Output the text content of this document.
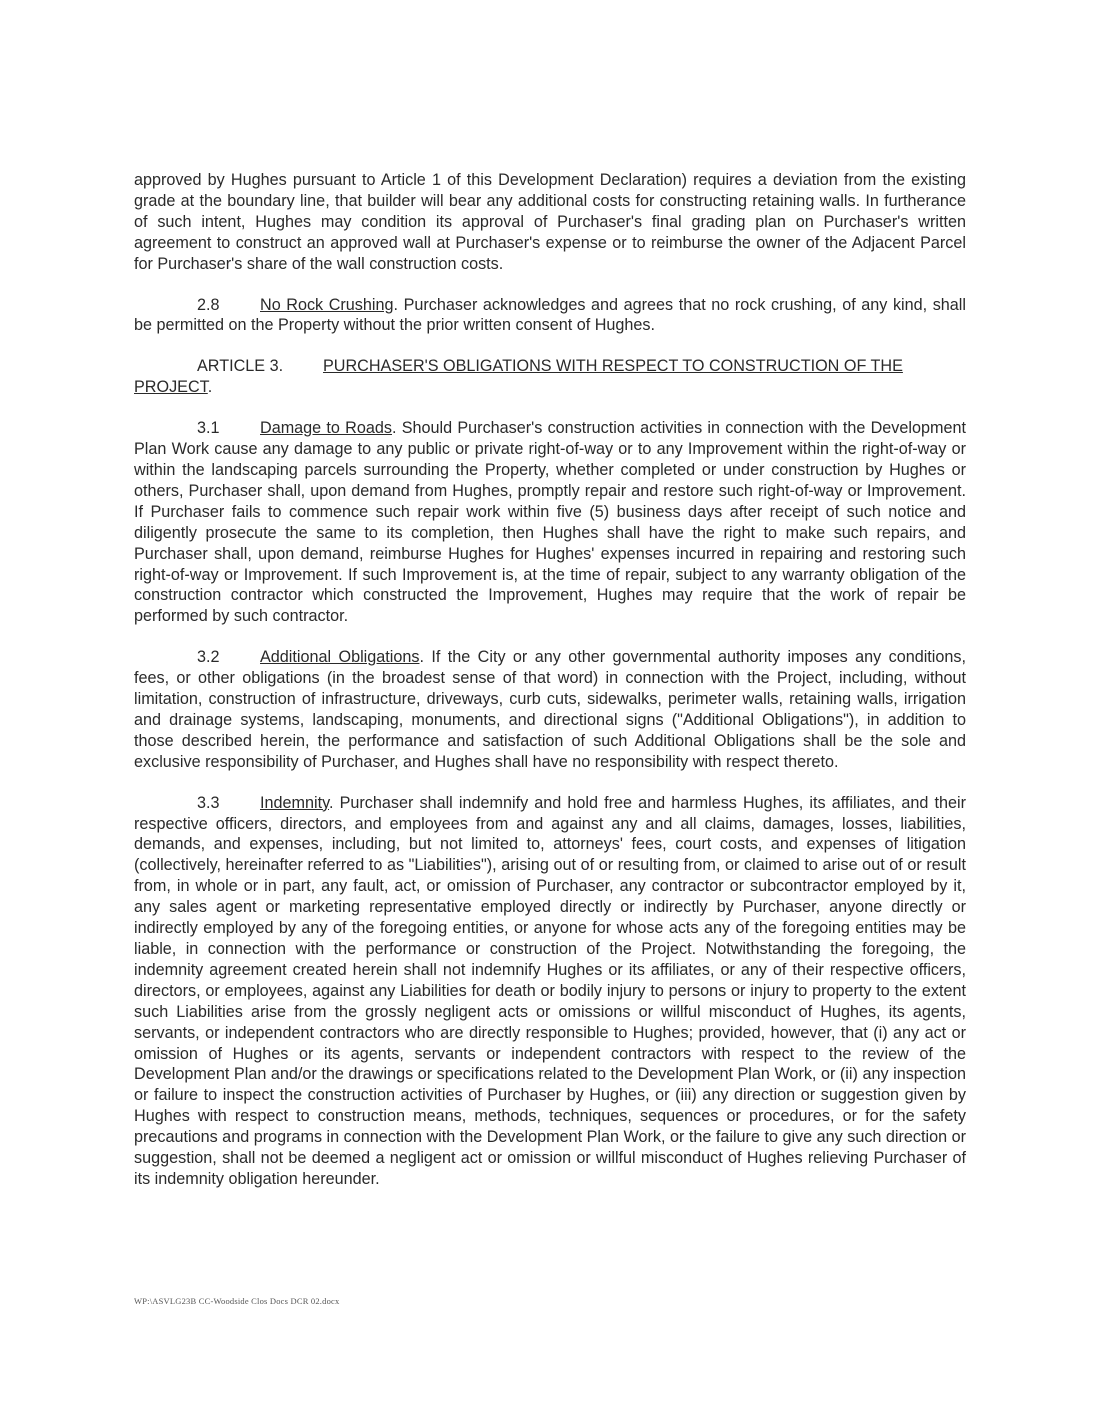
approved by Hughes pursuant to Article 1 of this Development Declaration) requires a deviation from the existing grade at the boundary line, that builder will bear any additional costs for constructing retaining walls. In furtherance of such intent, Hughes may condition its approval of Purchaser's final grading plan on Purchaser's written agreement to construct an approved wall at Purchaser's expense or to reimburse the owner of the Adjacent Parcel for Purchaser's share of the wall construction costs.

2.8 No Rock Crushing. Purchaser acknowledges and agrees that no rock crushing, of any kind, shall be permitted on the Property without the prior written consent of Hughes.

ARTICLE 3. PURCHASER'S OBLIGATIONS WITH RESPECT TO CONSTRUCTION OF THE

PROJECT.

3.1 Damage to Roads. Should Purchaser's construction activities in connection with the Development Plan Work cause any damage to any public or private right-of-way or to any Improvement within the right-of-way or within the landscaping parcels surrounding the Property, whether completed or under construction by Hughes or others, Purchaser shall, upon demand from Hughes, promptly repair and restore such right-of-way or Improvement. If Purchaser fails to commence such repair work within five (5) business days after receipt of such notice and diligently prosecute the same to its completion, then Hughes shall have the right to make such repairs, and Purchaser shall, upon demand, reimburse Hughes for Hughes' expenses incurred in repairing and restoring such right-of-way or Improvement. If such Improvement is, at the time of repair, subject to any warranty obligation of the construction contractor which constructed the Improvement, Hughes may require that the work of repair be performed by such contractor.

3.2 Additional Obligations. If the City or any other governmental authority imposes any conditions, fees, or other obligations (in the broadest sense of that word) in connection with the Project, including, without limitation, construction of infrastructure, driveways, curb cuts, sidewalks, perimeter walls, retaining walls, irrigation and drainage systems, landscaping, monuments, and directional signs ("Additional Obligations"), in addition to those described herein, the performance and satisfaction of such Additional Obligations shall be the sole and exclusive responsibility of Purchaser, and Hughes shall have no responsibility with respect thereto.

3.3 Indemnity. Purchaser shall indemnify and hold free and harmless Hughes, its affiliates, and their respective officers, directors, and employees from and against any and all claims, damages, losses, liabilities, demands, and expenses, including, but not limited to, attorneys' fees, court costs, and expenses of litigation (collectively, hereinafter referred to as "Liabilities"), arising out of or resulting from, or claimed to arise out of or result from, in whole or in part, any fault, act, or omission of Purchaser, any contractor or subcontractor employed by it, any sales agent or marketing representative employed directly or indirectly by Purchaser, anyone directly or indirectly employed by any of the foregoing entities, or anyone for whose acts any of the foregoing entities may be liable, in connection with the performance or construction of the Project. Notwithstanding the foregoing, the indemnity agreement created herein shall not indemnify Hughes or its affiliates, or any of their respective officers, directors, or employees, against any Liabilities for death or bodily injury to persons or injury to property to the extent such Liabilities arise from the grossly negligent acts or omissions or willful misconduct of Hughes, its agents, servants, or independent contractors who are directly responsible to Hughes; provided, however, that (i) any act or omission of Hughes or its agents, servants or independent contractors with respect to the review of the Development Plan and/or the drawings or specifications related to the Development Plan Work, or (ii) any inspection or failure to inspect the construction activities of Purchaser by Hughes, or (iii) any direction or suggestion given by Hughes with respect to construction means, methods, techniques, sequences or procedures, or for the safety precautions and programs in connection with the Development Plan Work, or the failure to give any such direction or suggestion, shall not be deemed a negligent act or omission or willful misconduct of Hughes relieving Purchaser of its indemnity obligation hereunder.

WP:\ASVLG23B CC-Woodside Clos Docs DCR 02.docx
